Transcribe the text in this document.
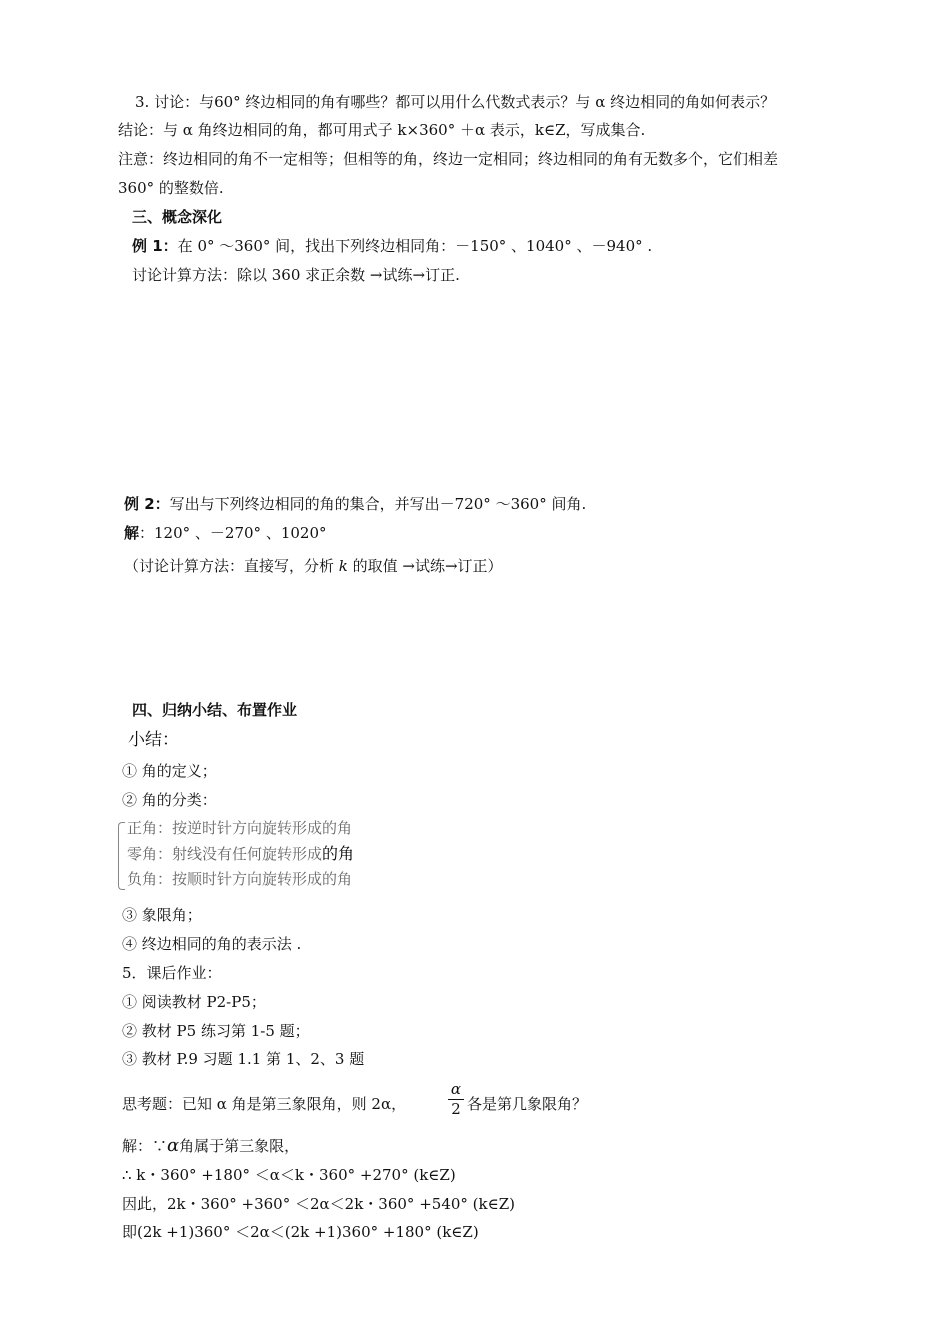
3. 讨论：与60° 终边相同的角有哪些？都可以用什么代数式表示？与 α 终边相同的角如何表示？
结论：与 α 角终边相同的角，都可用式子 k×360° ＋α 表示，k∈Z，写成集合.
注意：终边相同的角不一定相等；但相等的角，终边一定相同；终边相同的角有无数多个，它们相差
360° 的整数倍.
三、概念深化
例 1：在 0° ～360° 间，找出下列终边相同角：－150° 、1040° 、－940° .
讨论计算方法：除以 360 求正余数 →试练→订正.
例 2：写出与下列终边相同的角的集合，并写出－720° ～360° 间角.
解：120° 、－270° 、1020°
（讨论计算方法：直接写，分析 k 的取值 →试练→订正）
四、归纳小结、布置作业
小结：
① 角的定义；
② 角的分类：
正角：按逆时针方向旋转形成的角
零角：射线没有任何旋转形成的角
负角：按顺时针方向旋转形成的角
③ 象限角；
④ 终边相同的角的表示法 .
5．课后作业：
① 阅读教材 P2-P5；
② 教材 P5 练习第 1-5 题；
③ 教材 P.9 习题 1.1 第 1、2、3 题
思考题：已知 α 角是第三象限角，则 2α，	$\frac{\alpha}{2}$ 各是第几象限角？
解：∵α角属于第三象限，
∴ k・360° +180° ＜α＜k・360° +270° (k∈Z)
因此，2k・360° +360° ＜2α＜2k・360° +540° (k∈Z)
即(2k +1)360° ＜2α＜(2k +1)360° +180° (k∈Z)
